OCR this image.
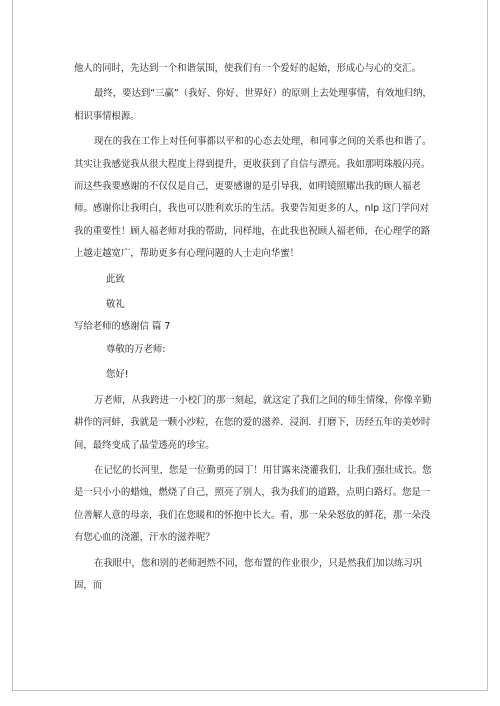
他人的同时，先达到一个和谐氛围，使我们有一个爱好的起始，形成心与心的交汇。

最终，要达到“三赢”（我好、你好、世界好）的原则上去处理事情，有效地归纳，相识事情根源。

现在的我在工作上对任何事都以平和的心态去处理，和同事之间的关系也和谐了。其实让我感觉我从很大程度上得到提升，更收获到了自信与漂亮。我如那明珠般闪亮。而这些我要感谢的不仅仅是自己，更要感谢的是引导我，如明镜照耀出我的顾人福老师。感谢你让我明白，我也可以胜利欢乐的生活。我要告知更多的人，nlp 这门学问对我的重要性！顾人福老师对我的帮助，同样地，在此我也祝顾人福老师，在心理学的路上越走越宽广，帮助更多有心理问题的人士走向华蜜！

此致

敬礼

写给老师的感谢信 篇 7

尊敬的万老师:

您好!

万老师，从我跨进一小校门的那一刻起，就这定了我们之间的师生情缘，你像辛勤耕作的河蚌，我就是一颗小沙粒，在您的爱的滋养．浸润．打磨下，历经五年的美妙时间，最终变成了晶莹透亮的珍宝。

在记忆的长河里，您是一位勤勇的园丁！用甘露来浇灌我们，让我们强壮成长。您是一只小小的蜡烛，燃烧了自己，照亮了别人，我为我们的道路，点明白路灯。您是一位善解人意的母亲，我们在您暖和的怀抱中长大。看，那一朵朵怒放的鲜花，那一朵没有您心血的浇灌，汗水的滋养呢？

在我眼中，您和别的老师迥然不同，您布置的作业很少，只是然我们加以练习巩固，而
